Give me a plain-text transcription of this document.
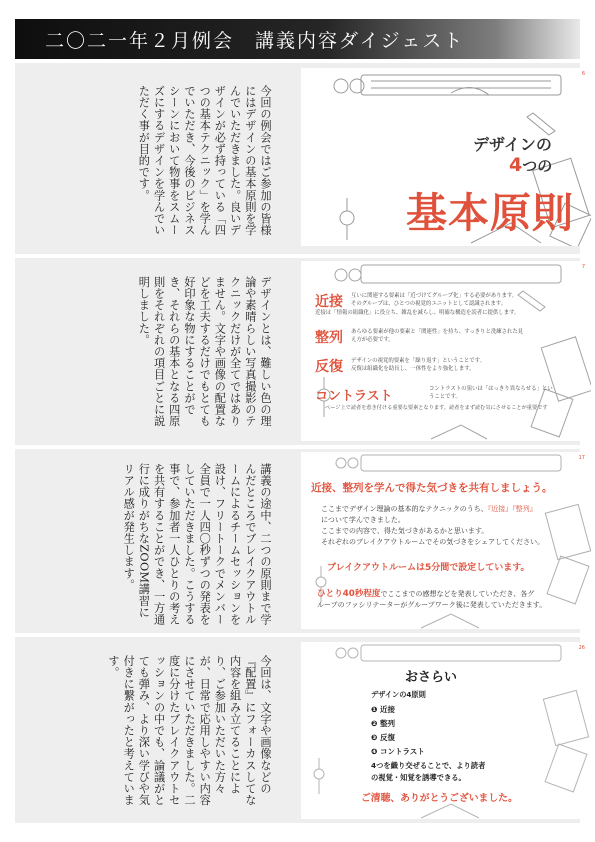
二〇二一年２月例会　講義内容ダイジェスト
今回の例会ではご参加の皆様にはデザインの基本原則を学んでいただきました。良いデザインが必ず持っている「四つの基本テクニック」を学んでいただき、今後のビジネスシーンにおいて物事をスムーズにするデザインを学んでいただく事が目的です。
6
デザインの
4つの
基本原則
デザインとは、難しい色の理論や素晴らしい写真撮影のテクニックだけが全てではありません。文字や画像の配置などを工夫するだけでもとても好印象な物にすることができ、それらの基本となる四原則をそれぞれの項目ごとに説明しました。
7
近接 互いに関連する要素は「近づけてグループ化」する必要があります。
そのグループは、ひとつの視覚的ユニットとして認識されます。
近接は「情報の組織化」に役立ち、雑乱を減らし、明確な構造を読者に提供します。
整列 あらゆる要素が他の要素と「関連性」を持ち、すっきりと洗練された見
え方が必要です。
反復 デザインの視覚的要素を「繰り返す」ということです。
反復は組織化を助長し、一体性をより強化します。
コントラスト	コントラストの狙いは「はっきり異ならせる」とい
うことです。
ページ上で読者を惹き付ける重要な要素となります。読者をまず読む気にさせることが重要です
講義の途中、二つの原則まで学んだところでブレイクアウトルームによるチームセッションを設け、フリートークでメンバー全員で一人四〇秒ずつの発表をしていただきました。こうする事で、参加者一人ひとりの考えを共有することができ、一方通行に成りがちなZOOM講習にリアル感が発生します。
17
近接、整列を学んで得た気づきを共有しましょう。
ここまでデザイン理論の基本的なテクニックのうち、『近接』『整列』
について学んできました。
ここまでの内容で、得た気づきがあるかと思います。
それぞれのブレイクアウトルームでその気づきをシェアしてください。
ブレイクアウトルームは5分間で設定しています。
ひとり40秒程度でここまでの感想などを発表していただき、各グ
ループのファシリテーターがグループワーク後に発表していただきます。
今回は、文字や画像などの『配置』にフォーカスしてな内容を組み立てることにより、ご参加いただいた方々が、日常で応用しやすい内容にさせていただきました。二度に分けたブレイクアウトセッションの中でも、論議がとても弾み、より深い学びや気付きに繋がったと考えています。
26
おさらい
デザインの4原則
❶ 近接
❷ 整列
❸ 反復
❹ コントラスト
4つを織り交ぜることで、より読者
の視覚・知覚を誘導できる。
ご清聴、ありがとうございました。
